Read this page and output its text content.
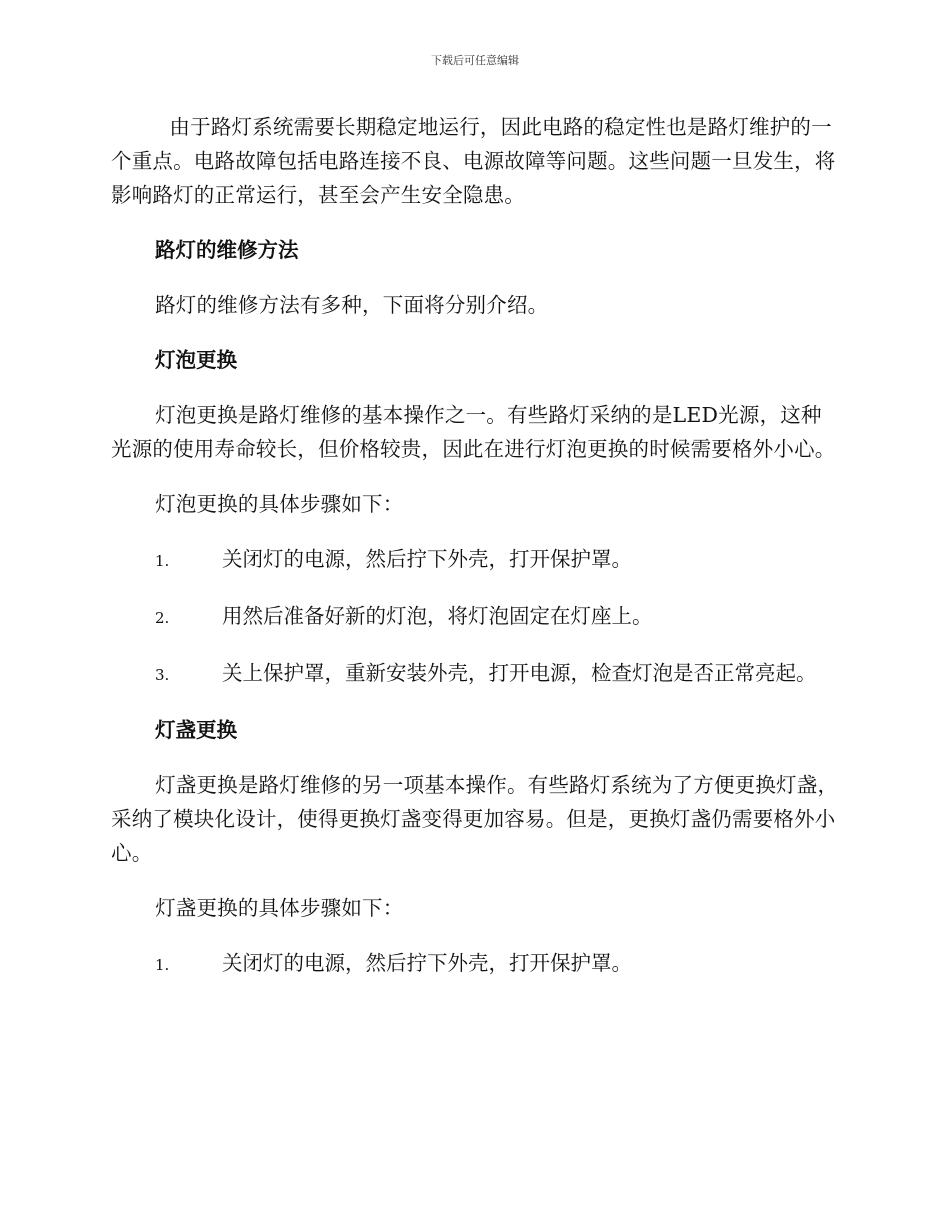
下载后可任意编辑

由于路灯系统需要长期稳定地运行，因此电路的稳定性也是路灯维护的一个重点。电路故障包括电路连接不良、电源故障等问题。这些问题一旦发生，将影响路灯的正常运行，甚至会产生安全隐患。

路灯的维修方法

路灯的维修方法有多种，下面将分别介绍。

灯泡更换

灯泡更换是路灯维修的基本操作之一。有些路灯采纳的是LED光源，这种光源的使用寿命较长，但价格较贵，因此在进行灯泡更换的时候需要格外小心。

灯泡更换的具体步骤如下：

1.	关闭灯的电源，然后拧下外壳，打开保护罩。
2.	用然后准备好新的灯泡，将灯泡固定在灯座上。
3.	关上保护罩，重新安装外壳，打开电源，检查灯泡是否正常亮起。
灯盏更换

灯盏更换是路灯维修的另一项基本操作。有些路灯系统为了方便更换灯盏，采纳了模块化设计，使得更换灯盏变得更加容易。但是，更换灯盏仍需要格外小心。

灯盏更换的具体步骤如下：

1.	关闭灯的电源，然后拧下外壳，打开保护罩。
